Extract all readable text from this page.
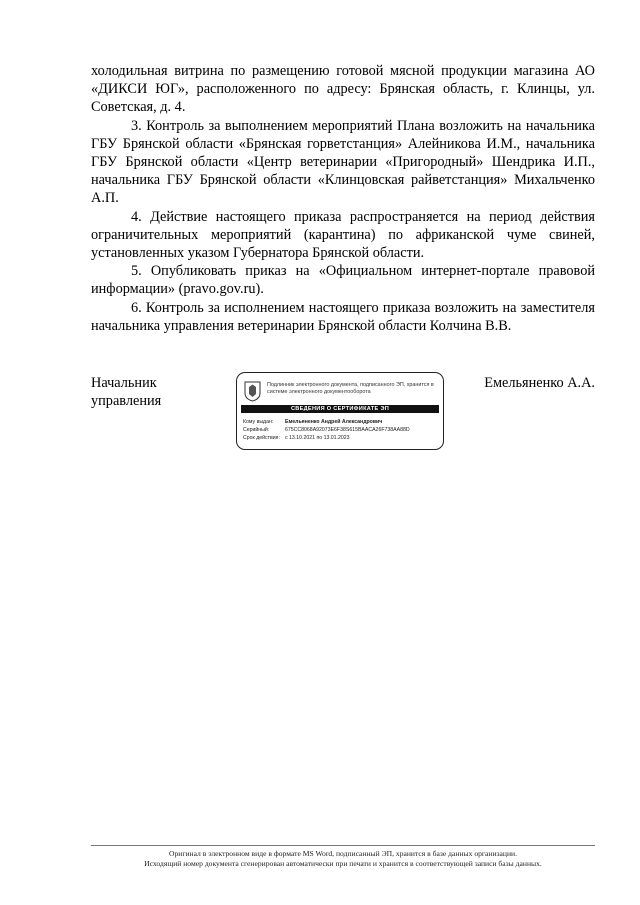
холодильная витрина по размещению готовой мясной продукции магазина АО «ДИКСИ ЮГ», расположенного по адресу: Брянская область, г. Клинцы, ул. Советская, д. 4.

3. Контроль за выполнением мероприятий Плана возложить на начальника ГБУ Брянской области «Брянская горветстанция» Алейникова И.М., начальника ГБУ Брянской области «Центр ветеринарии «Пригородный» Шендрика И.П., начальника ГБУ Брянской области «Клинцовская райветстанция» Михальченко А.П.

4. Действие настоящего приказа распространяется на период действия ограничительных мероприятий (карантина) по африканской чуме свиней, установленных указом Губернатора Брянской области.

5. Опубликовать приказ на «Официальном интернет-портале правовой информации» (pravo.gov.ru).

6. Контроль за исполнением настоящего приказа возложить на заместителя начальника управления ветеринарии Брянской области Колчина В.В.

Начальник
управления
Подлинник электронного документа, подписанного ЭП, хранится в системе электронного документооборота
СВЕДЕНИЯ О СЕРТИФИКАТЕ ЭП
Кому выдан: Емельяненко Андрей Александрович
Серийный:	675CC8068A92073E6F38S615BAACA26F738AA88D
Срок действия: с 13.10.2021 по 13.01.2023
Емельяненко А.А.
Оригинал в электронном виде в формате MS Word, подписанный ЭП, хранится в базе данных организации.
Исходящий номер документа сгенерирован автоматически при печати и хранится в соответствующей записи базы данных.
